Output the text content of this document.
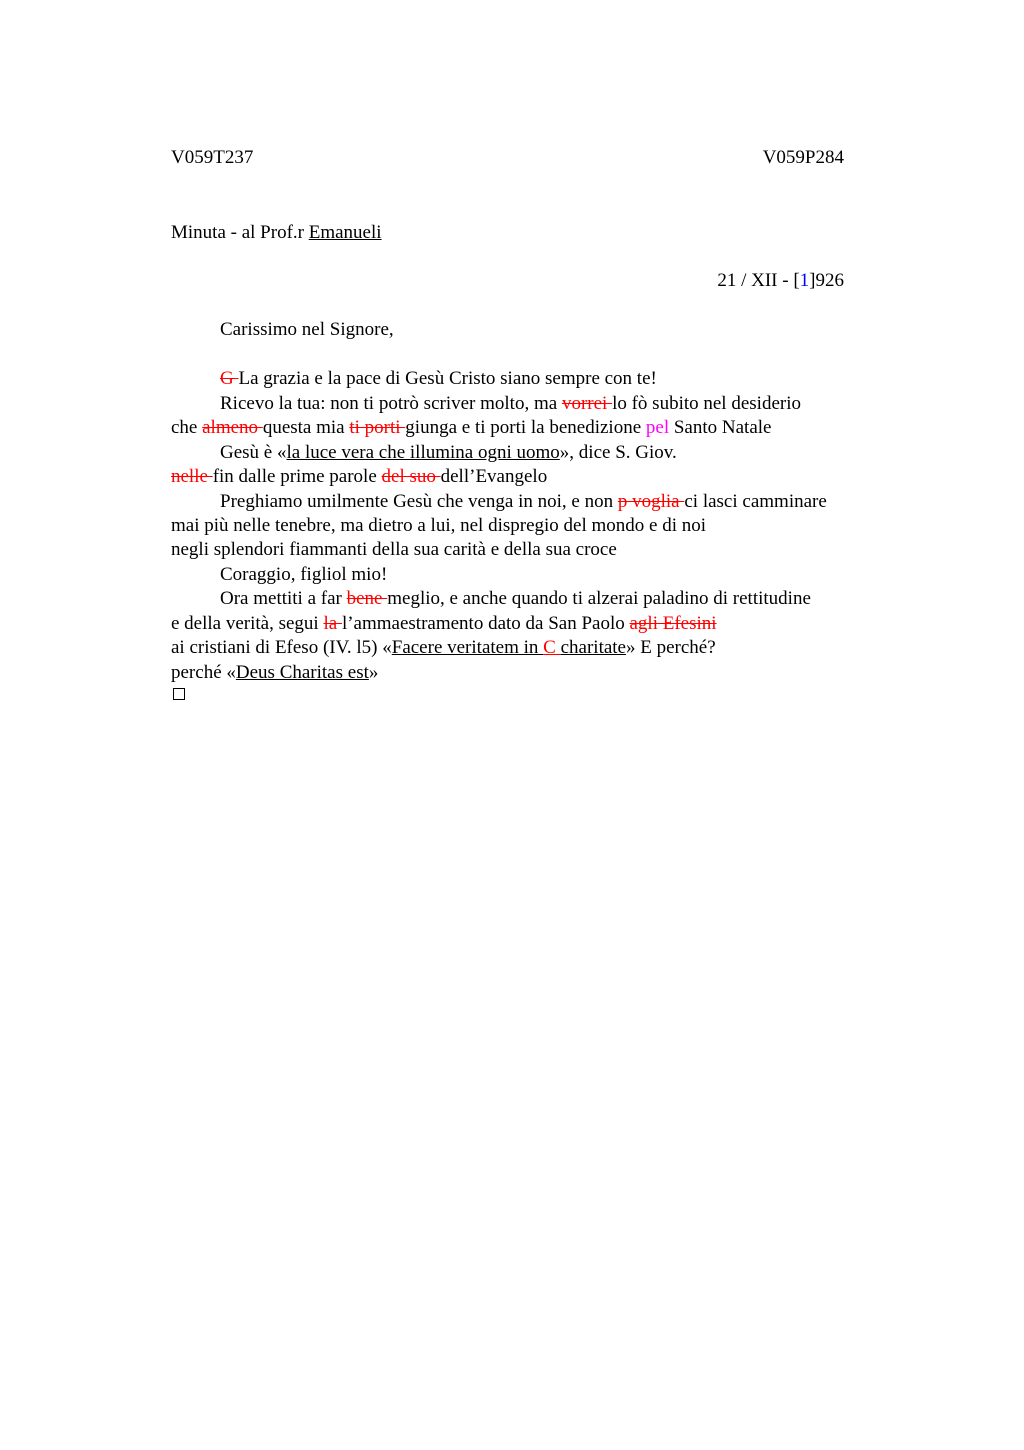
V059T237	V059P284
Minuta - al Prof.r Emanueli
21 / XII - [1]926
Carissimo nel Signore,
G La grazia e la pace di Gesù Cristo siano sempre con te!
Ricevo la tua: non ti potrò scriver molto, ma vorrei lo fò subito nel desiderio
che almeno questa mia ti porti giunga e ti porti la benedizione pel Santo Natale
Gesù è «la luce vera che illumina ogni uomo», dice S. Giov.
nelle fin dalle prime parole del suo dell’Evangelo
Preghiamo umilmente Gesù che venga in noi, e non p voglia ci lasci camminare
mai più nelle tenebre, ma dietro a lui, nel dispregio del mondo e di noi
negli splendori fiammanti della sua carità e della sua croce
Coraggio, figliol mio!
Ora mettiti a far bene meglio, e anche quando ti alzerai paladino di rettitudine
e della verità, segui la l’ammaestramento dato da San Paolo agli Efesini
ai cristiani di Efeso (IV. l5) «Facere veritatem in C charitate» E perché?
perché «Deus Charitas est»
